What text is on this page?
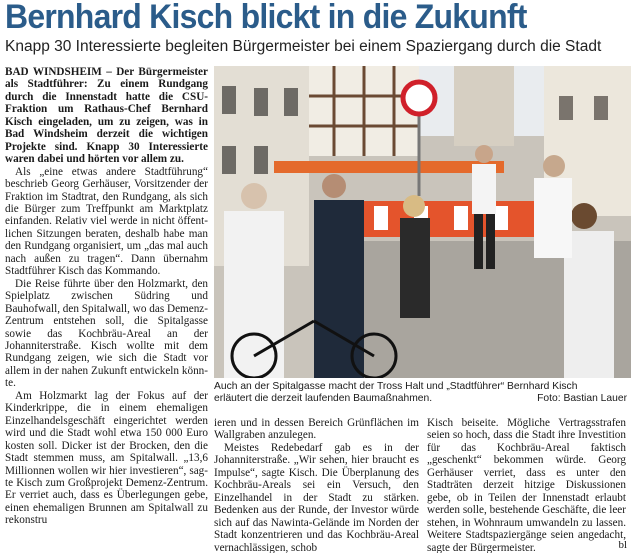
Bernhard Kisch blickt in die Zukunft
Knapp 30 Interessierte begleiten Bürgermeister bei einem Spaziergang durch die Stadt

BAD WINDSHEIM – Der Bürgermeister als Stadtführer: Zu einem Rundgang durch die Innenstadt hatte die CSU-Fraktion um Rathaus-Chef Bernhard Kisch eingeladen, um zu zeigen, was in Bad Windsheim derzeit die wichtigen Projekte sind. Knapp 30 Interessierte waren dabei und hörten vor allem zu.

Als „eine etwas andere Stadtführung“ beschrieb Georg Gerhäuser, Vorsitzender der Fraktion im Stadtrat, den Rundgang, als sich die Bürger zum Treffpunkt am Marktplatz einfanden. Relativ viel werde in nicht öffentlichen Sitzungen beraten, deshalb habe man den Rundgang organisiert, um „das mal auch nach außen zu tragen“. Dann übernahm Stadtführer Kisch das Kommando.

Die Reise führte über den Holzmarkt, den Spielplatz zwischen Südring und Bauhofwall, den Spitalwall, wo das Demenz-Zentrum entstehen soll, die Spitalgasse sowie das Kochbräu-Areal an der Johanniterstraße. Kisch wollte mit dem Rundgang zeigen, wie sich die Stadt vor allem in der nahen Zukunft entwickeln könnte.

Am Holzmarkt lag der Fokus auf der Kinderkrippe, die in einem ehemaligen Einzelhandelsgeschäft eingerichtet werden wird und die Stadt wohl etwa 150 000 Euro kosten soll. Dicker ist der Brocken, den die Stadt stemmen muss, am Spitalwall. „13,6 Millionnen wollen wir hier investieren“, sagte Kisch zum Großprojekt Demenz-Zentrum. Er verriet auch, dass es Überlegungen gebe, einen ehemaligen Brunnen am Spitalwall zu rekonstru

Auch an der Spitalgasse macht der Tross Halt und „Stadtführer“ Bernhard Kisch
erläutert die derzeit laufenden Baumaßnahmen.	Foto: Bastian Lauer

ieren und in dessen Bereich Grünflächen im Wallgraben anzulegen.

Meistes Redebedarf gab es in der Johanniterstraße. „Wir sehen, hier braucht es Impulse“, sagte Kisch. Die Überplanung des Kochbräu-Areals sei ein Versuch, den Einzelhandel in der Stadt zu stärken. Bedenken aus der Runde, der Investor würde sich auf das Nawinta-Gelände im Norden der Stadt konzentrieren und das Kochbräu-Areal vernachlässigen, schob

Kisch beiseite. Mögliche Vertragsstrafen seien so hoch, dass die Stadt ihre Investition für das Kochbräu-Areal faktisch „geschenkt“ bekommen würde. Georg Gerhäuser verriet, dass es unter den Stadträten derzeit hitzige Diskussionen gebe, ob in Teilen der Innenstadt erlaubt werden solle, bestehende Geschäfte, die leer stehen, in Wohnraum umwandeln zu lassen. Weitere Stadtspaziergänge seien angedacht, sagte der Bürgermeister.	bl
